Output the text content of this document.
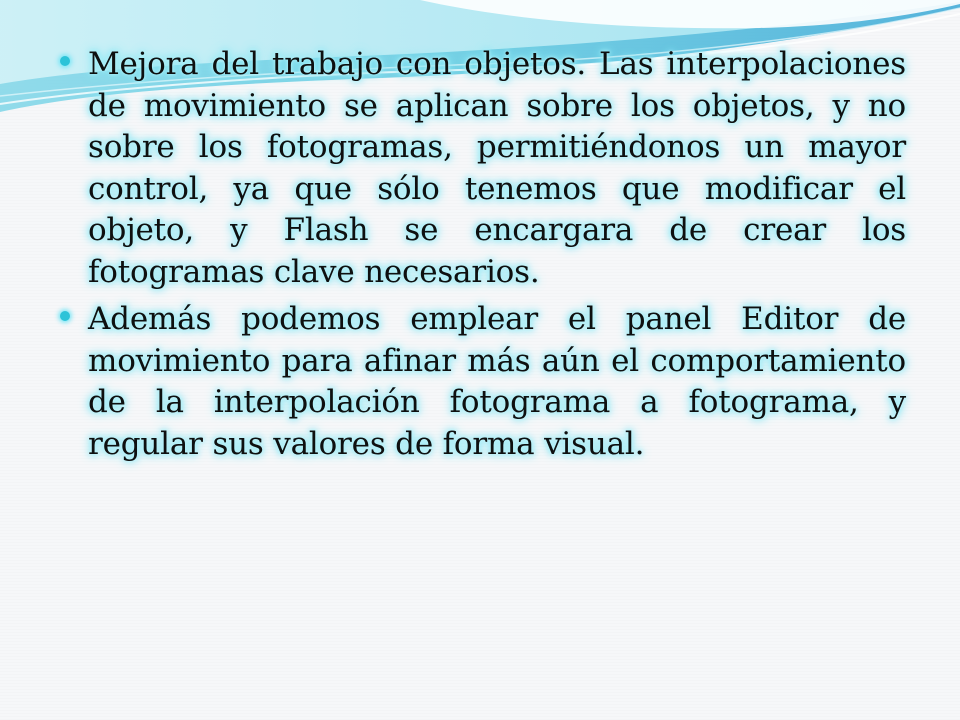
Mejora del trabajo con objetos. Las interpolaciones de movimiento se aplican sobre los objetos, y no sobre los fotogramas, permitiéndonos un mayor control, ya que sólo tenemos que modificar el objeto, y Flash se encargara de crear los fotogramas clave necesarios.
Además podemos emplear el panel Editor de movimiento para afinar más aún el comportamiento de la interpolación fotograma a fotograma, y regular sus valores de forma visual.
